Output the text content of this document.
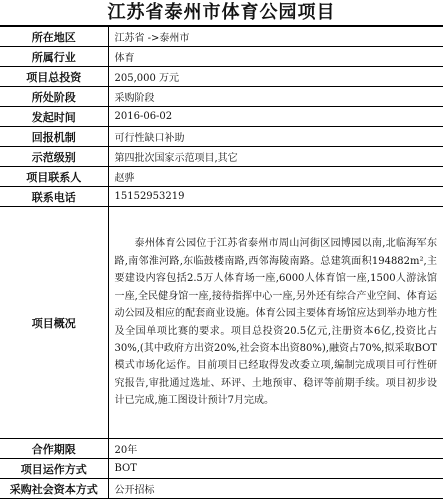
江苏省泰州市体育公园项目
所在地区	江苏省 ->泰州市
所属行业	体育
项目总投资	205,000 万元
所处阶段	采购阶段
发起时间	2016-06-02
回报机制	可行性缺口补助
示范级别	第四批次国家示范项目,其它
项目联系人	赵骅
联系电话	15152953219
项目概况	泰州体育公园位于江苏省泰州市周山河街区园博园以南,北临海军东路,南邻淮河路,东临鼓楼南路,西邻海陵南路。总建筑面积194882m²,主要建设内容包括2.5万人体育场一座,6000人体育馆一座,1500人游泳馆一座,全民健身馆一座,接待指挥中心一座,另外还有综合产业空间、体育运动公园及相应的配套商业设施。体育公园主要体育场馆应达到举办地方性及全国单项比赛的要求。项目总投资20.5亿元,注册资本6亿,投资比占30%,(其中政府方出资20%,社会资本出资80%),融资占70%,拟采取BOT模式市场化运作。目前项目已经取得发改委立项,编制完成项目可行性研究报告,审批通过选址、环评、土地预审、稳评等前期手续。项目初步设计已完成,施工图设计预计7月完成。
合作期限	20年
项目运作方式	BOT
采购社会资本方式	公开招标
